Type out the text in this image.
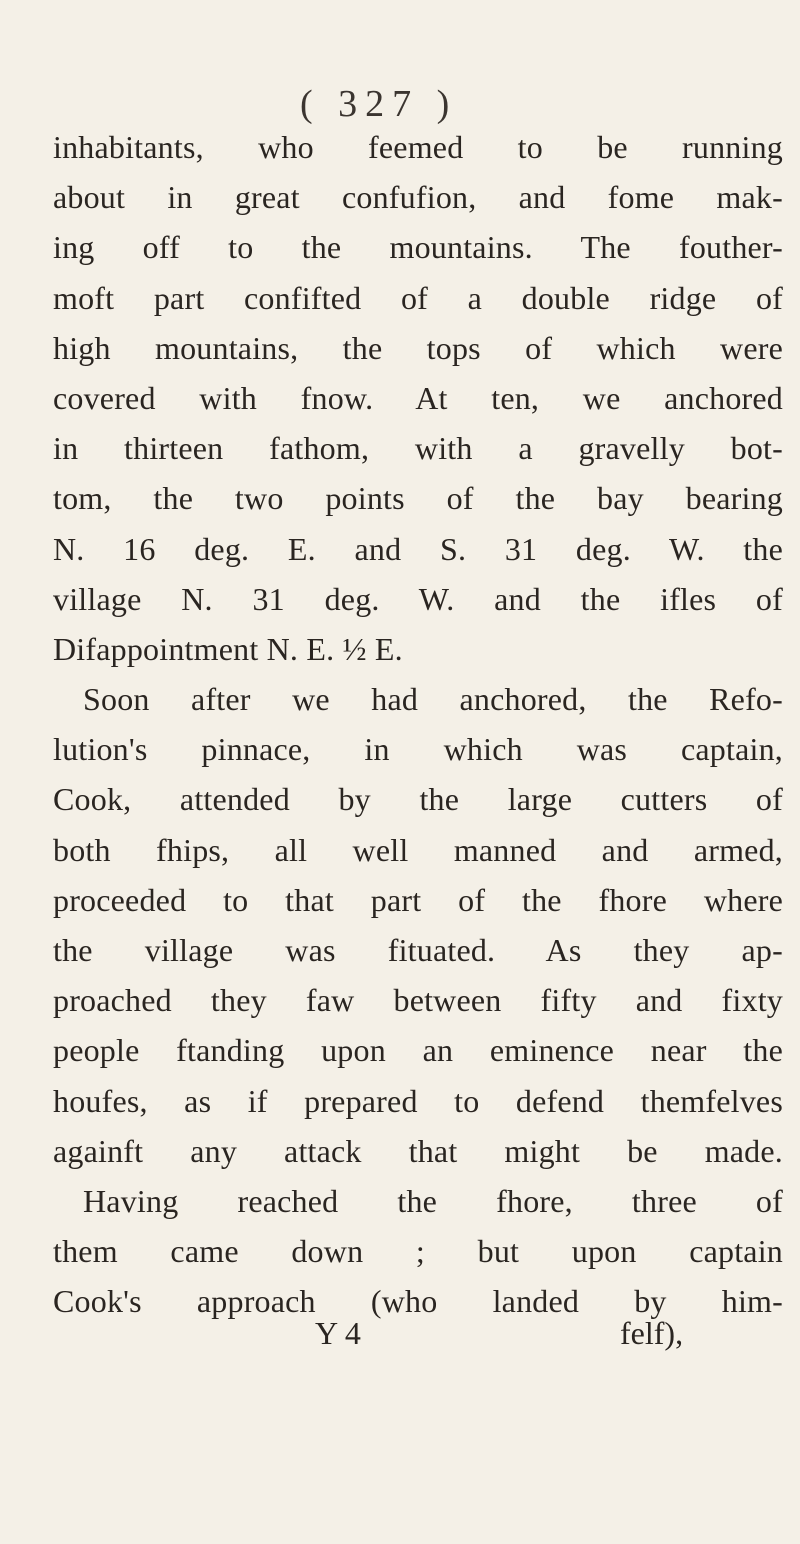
( 327 )
inhabitants, who feemed to be running
about in great confufion, and fome mak-
ing off to the mountains. The fouther-
moft part confifted of a double ridge of
high mountains, the tops of which were
covered with fnow. At ten, we anchored
in thirteen fathom, with a gravelly bot-
tom, the two points of the bay bearing
N. 16 deg. E. and S. 31 deg. W. the
village N. 31 deg. W. and the ifles of
Difappointment N. E. ½ E.
Soon after we had anchored, the Refo-
lution's pinnace, in which was captain,
Cook, attended by the large cutters of
both fhips, all well manned and armed,
proceeded to that part of the fhore where
the village was fituated. As they ap-
proached they faw between fifty and fixty
people ftanding upon an eminence near the
houfes, as if prepared to defend themfelves
againft any attack that might be made.
Having reached the fhore, three of
them came down ; but upon captain
Cook's approach (who landed by him-
Y 4	felf),
